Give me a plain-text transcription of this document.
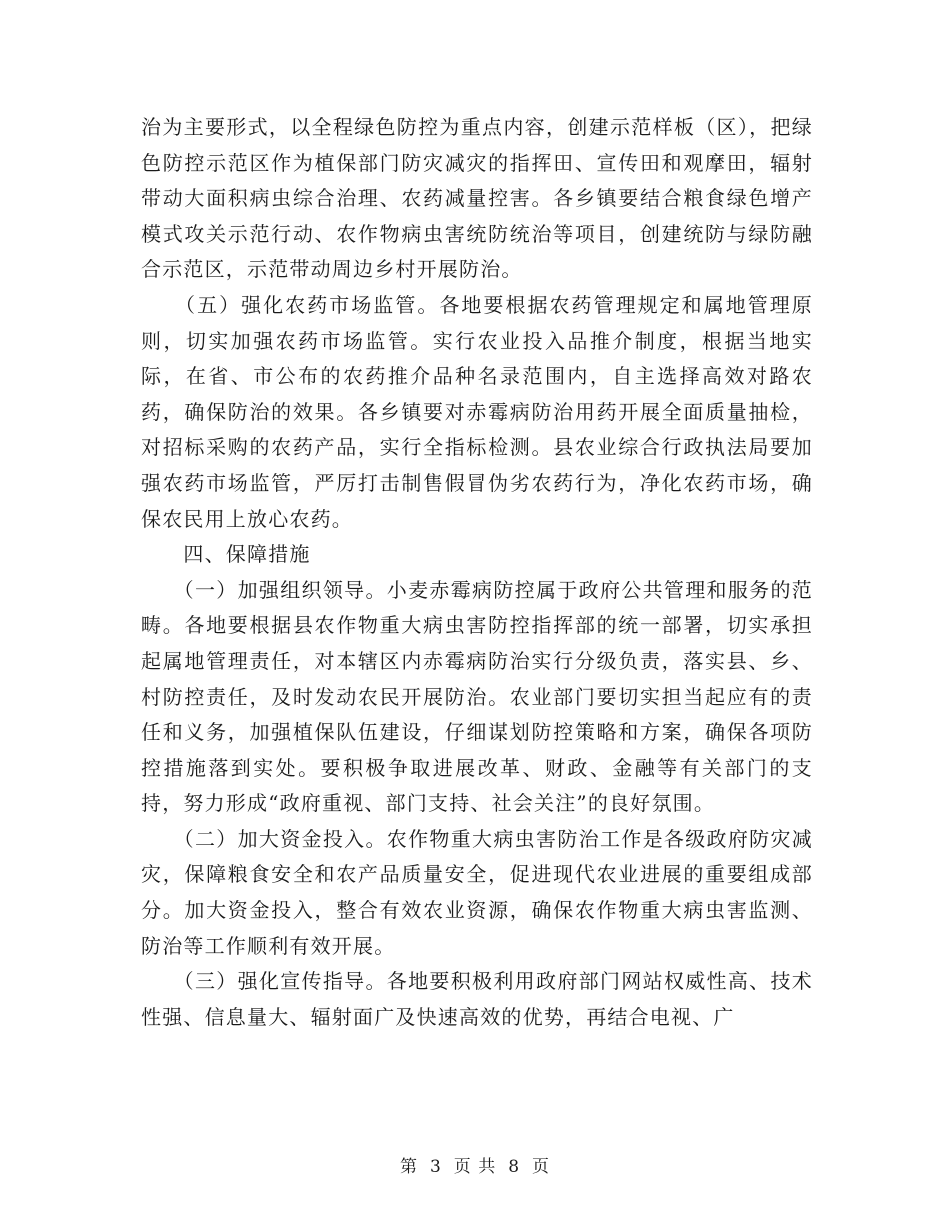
治为主要形式，以全程绿色防控为重点内容，创建示范样板（区），把绿色防控示范区作为植保部门防灾减灾的指挥田、宣传田和观摩田，辐射带动大面积病虫综合治理、农药减量控害。各乡镇要结合粮食绿色增产模式攻关示范行动、农作物病虫害统防统治等项目，创建统防与绿防融合示范区，示范带动周边乡村开展防治。

　　（五）强化农药市场监管。各地要根据农药管理规定和属地管理原则，切实加强农药市场监管。实行农业投入品推介制度，根据当地实际，在省、市公布的农药推介品种名录范围内，自主选择高效对路农药，确保防治的效果。各乡镇要对赤霉病防治用药开展全面质量抽检，对招标采购的农药产品，实行全指标检测。县农业综合行政执法局要加强农药市场监管，严厉打击制售假冒伪劣农药行为，净化农药市场，确保农民用上放心农药。

　　四、保障措施

　　（一）加强组织领导。小麦赤霉病防控属于政府公共管理和服务的范畴。各地要根据县农作物重大病虫害防控指挥部的统一部署，切实承担起属地管理责任，对本辖区内赤霉病防治实行分级负责，落实县、乡、村防控责任，及时发动农民开展防治。农业部门要切实担当起应有的责任和义务，加强植保队伍建设，仔细谋划防控策略和方案，确保各项防控措施落到实处。要积极争取进展改革、财政、金融等有关部门的支持，努力形成“政府重视、部门支持、社会关注”的良好氛围。

　　（二）加大资金投入。农作物重大病虫害防治工作是各级政府防灾减灾，保障粮食安全和农产品质量安全，促进现代农业进展的重要组成部分。加大资金投入，整合有效农业资源，确保农作物重大病虫害监测、防治等工作顺利有效开展。

　　（三）强化宣传指导。各地要积极利用政府部门网站权威性高、技术性强、信息量大、辐射面广及快速高效的优势，再结合电视、广

第 3 页 共 8 页
